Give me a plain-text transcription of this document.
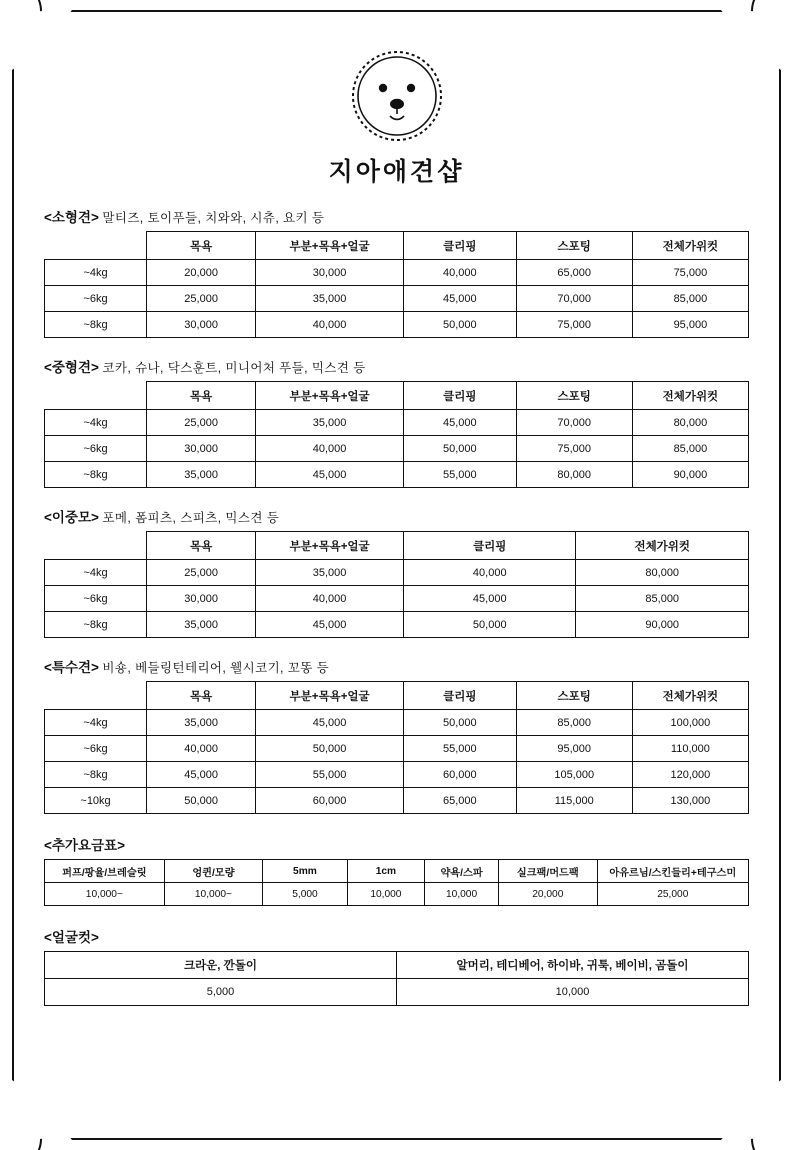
지아애견샵
<소형견> 말티즈, 토이푸들, 치와와, 시츄, 요키 등
	목욕	부분+목욕+얼굴	클리핑	스포팅	전체가위컷
~4kg	20,000	30,000	40,000	65,000	75,000
~6kg	25,000	35,000	45,000	70,000	85,000
~8kg	30,000	40,000	50,000	75,000	95,000
<중형견> 코카, 슈나, 닥스훈트, 미니어처 푸들, 믹스견 등
	목욕	부분+목욕+얼굴	클리핑	스포팅	전체가위컷
~4kg	25,000	35,000	45,000	70,000	80,000
~6kg	30,000	40,000	50,000	75,000	85,000
~8kg	35,000	45,000	55,000	80,000	90,000
<이중모> 포메, 폼피츠, 스피츠, 믹스견 등
	목욕	부분+목욕+얼굴	클리핑	전체가위컷
~4kg	25,000	35,000	40,000	80,000
~6kg	30,000	40,000	45,000	85,000
~8kg	35,000	45,000	50,000	90,000
<특수견> 비숑, 베들링턴테리어, 웰시코기, 꼬똥 등
	목욕	부분+목욕+얼굴	클리핑	스포팅	전체가위컷
~4kg	35,000	45,000	50,000	85,000	100,000
~6kg	40,000	50,000	55,000	95,000	110,000
~8kg	45,000	55,000	60,000	105,000	120,000
~10kg	50,000	60,000	65,000	115,000	130,000
<추가요금표>
퍼프/팡율/브레슬릿	엉퀸/모량	5mm	1cm	약욕/스파	실크팩/머드팩	아유르님/스킨들리+테구스미
10,000~	10,000~	5,000	10,000	10,000	20,000	25,000
<얼굴컷>
크라운, 깐돌이	알머리, 테디베어, 하이바, 귀툭, 베이비, 곰돌이
5,000	10,000
